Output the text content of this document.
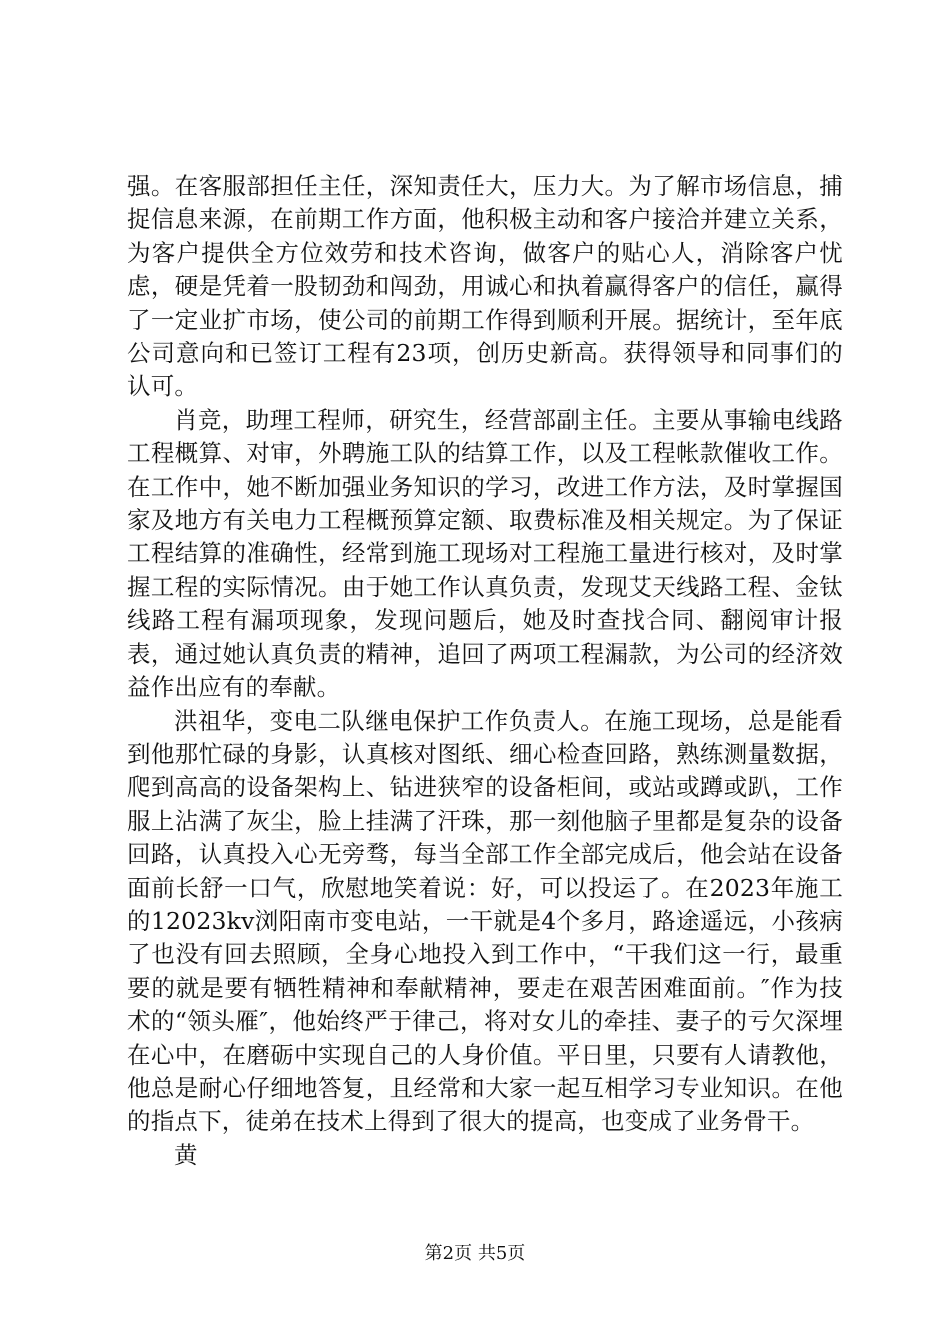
强。在客服部担任主任，深知责任大，压力大。为了解市场信息，捕捉信息来源，在前期工作方面，他积极主动和客户接洽并建立关系，为客户提供全方位效劳和技术咨询，做客户的贴心人，消除客户忧虑，硬是凭着一股韧劲和闯劲，用诚心和执着赢得客户的信任，赢得了一定业扩市场，使公司的前期工作得到顺利开展。据统计，至年底公司意向和已签订工程有23项，创历史新高。获得领导和同事们的认可。

肖竞，助理工程师，研究生，经营部副主任。主要从事输电线路工程概算、对审，外聘施工队的结算工作，以及工程帐款催收工作。在工作中，她不断加强业务知识的学习，改进工作方法，及时掌握国家及地方有关电力工程概预算定额、取费标准及相关规定。为了保证工程结算的准确性，经常到施工现场对工程施工量进行核对，及时掌握工程的实际情况。由于她工作认真负责，发现艾天线路工程、金钛线路工程有漏项现象，发现问题后，她及时查找合同、翻阅审计报表，通过她认真负责的精神，追回了两项工程漏款，为公司的经济效益作出应有的奉献。

洪祖华，变电二队继电保护工作负责人。在施工现场，总是能看到他那忙碌的身影，认真核对图纸、细心检查回路，熟练测量数据，爬到高高的设备架构上、钻进狭窄的设备柜间，或站或蹲或趴，工作服上沾满了灰尘，脸上挂满了汗珠，那一刻他脑子里都是复杂的设备回路，认真投入心无旁骛，每当全部工作全部完成后，他会站在设备面前长舒一口气，欣慰地笑着说：好，可以投运了。在2023年施工的12023kv浏阳南市变电站，一干就是4个多月，路途遥远，小孩病了也没有回去照顾，全身心地投入到工作中，“干我们这一行，最重要的就是要有牺牲精神和奉献精神，要走在艰苦困难面前。″作为技术的“领头雁″，他始终严于律己，将对女儿的牵挂、妻子的亏欠深埋在心中，在磨砺中实现自己的人身价值。平日里，只要有人请教他，他总是耐心仔细地答复，且经常和大家一起互相学习专业知识。在他的指点下，徒弟在技术上得到了很大的提高，也变成了业务骨干。

黄

第2页 共5页
